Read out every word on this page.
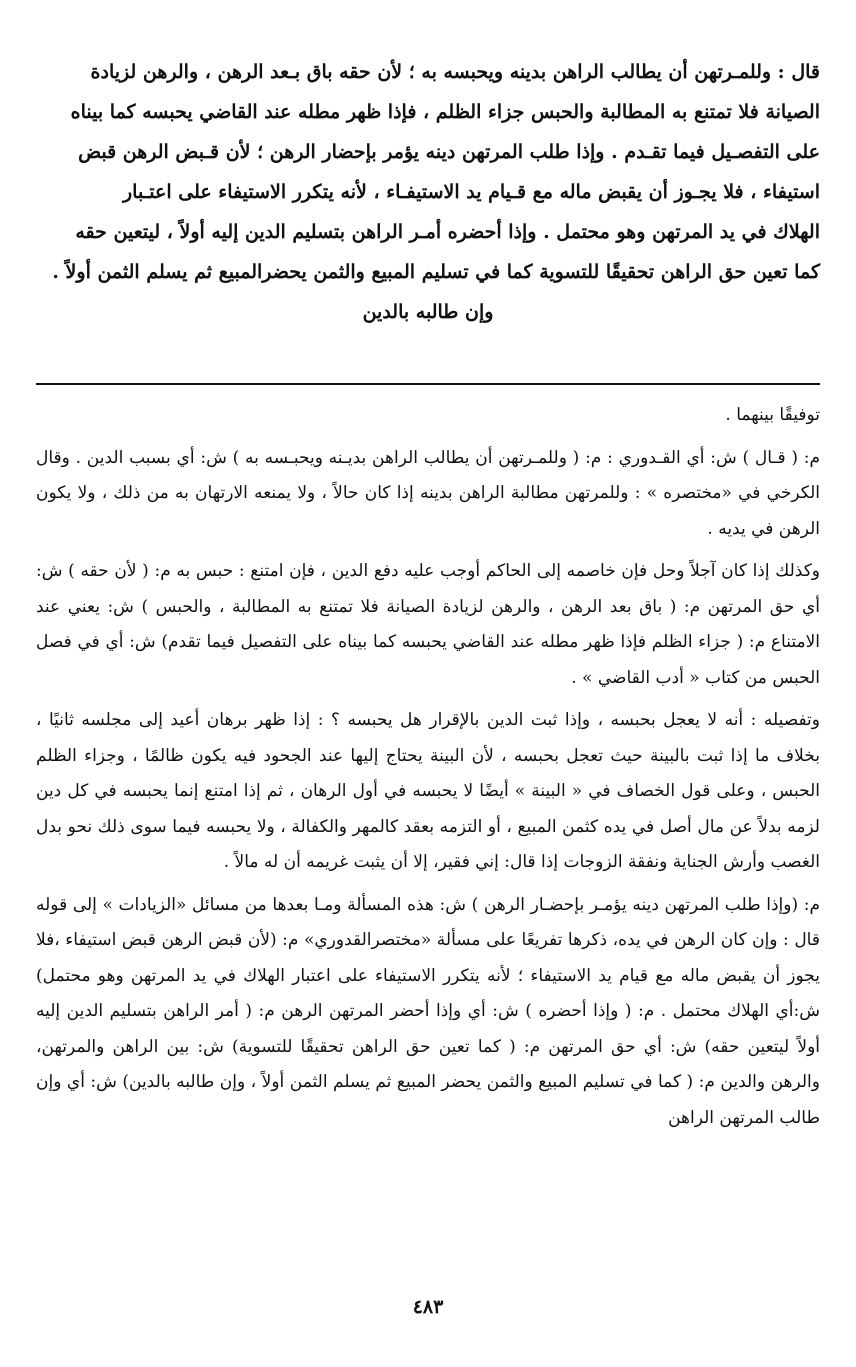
قال : وللمـرتهن أن يطالب الراهن بدينه ويحبسه به ؛ لأن حقه باق بـعد الرهن ، والرهن لزيادة

الصيانة فلا تمتنع به المطالبة والحبس جزاء الظلم ، فإذا ظهر مطله عند القاضي يحبسه كما بيناه

على التفصـيل فيما تقـدم . وإذا طلب المرتهن دينه يؤمر بإحضار الرهن ؛ لأن قـبض الرهن قبض

استيفاء ، فلا يجـوز أن يقبض ماله مع قـيام يد الاستيفـاء ، لأنه يتكرر الاستيفاء على اعتـبار

الهلاك في يد المرتهن وهو محتمل . وإذا أحضره أمـر الراهن بتسليم الدين إليه أولاً ، ليتعين حقه

كما تعين حق الراهن تحقيقًا للتسوية كما في تسليم المبيع والثمن يحضرالمبيع ثم يسلم الثمن أولاً .

وإن طالبه بالدين

توفيقًا بينهما .

م: ( قـال ) ش: أي القـدوري : م: ( وللمـرتهن أن يطالب الراهن بديـنه ويحبـسه به ) ش: أي بسبب الدين . وقال الكرخي في «مختصره » : وللمرتهن مطالبة الراهن بدينه إذا كان حالاً ، ولا يمنعه الارتهان به من ذلك ، ولا يكون الرهن في يديه .

وكذلك إذا كان آجلاً وحل فإن خاصمه إلى الحاكم أوجب عليه دفع الدين ، فإن امتنع : حبس به م: ( لأن حقه ) ش: أي حق المرتهن م: ( باق بعد الرهن ، والرهن لزيادة الصيانة فلا تمتنع به المطالبة ، والحبس ) ش: يعني عند الامتناع م: ( جزاء الظلم فإذا ظهر مطله عند القاضي يحبسه كما بيناه على التفصيل فيما تقدم) ش: أي في فصل الحبس من كتاب « أدب القاضي » .

وتفصيله : أنه لا يعجل بحبسه ، وإذا ثبت الدين بالإقرار هل يحبسه ؟ : إذا ظهر برهان أعيد إلى مجلسه ثانيًا ، بخلاف ما إذا ثبت بالبينة حيث تعجل بحبسه ، لأن البينة يحتاج إليها عند الجحود فيه يكون ظالمًا ، وجزاء الظلم الحبس ، وعلى قول الخصاف في « البينة » أيضًا لا يحبسه في أول الرهان ، ثم إذا امتنع إنما يحبسه في كل دين لزمه بدلاً عن مال أصل في يده كثمن المبيع ، أو التزمه بعقد كالمهر والكفالة ، ولا يحبسه فيما سوى ذلك نحو بدل الغصب وأرش الجناية ونفقة الزوجات إذا قال: إني فقير، إلا أن يثبت غريمه أن له مالاً .

م: (وإذا طلب المرتهن دينه يؤمـر بإحضـار الرهن ) ش: هذه المسألة ومـا بعدها من مسائل «الزيادات » إلى قوله قال : وإن كان الرهن في يده، ذكرها تفريعًا على مسألة «مختصرالقدوري» م: (لأن قبض الرهن قبض استيفاء ،فلا يجوز أن يقبض ماله مع قيام يد الاستيفاء ؛ لأنه يتكرر الاستيفاء على اعتبار الهلاك في يد المرتهن وهو محتمل) ش:أي الهلاك محتمل . م: ( وإذا أحضره ) ش: أي وإذا أحضر المرتهن الرهن م: ( أمر الراهن بتسليم الدين إليه أولاً ليتعين حقه) ش: أي حق المرتهن م: ( كما تعين حق الراهن تحقيقًا للتسوية) ش: بين الراهن والمرتهن، والرهن والدين م: ( كما في تسليم المبيع والثمن يحضر المبيع ثم يسلم الثمن أولاً ، وإن طالبه بالدين) ش: أي وإن طالب المرتهن الراهن

٤٨٣
